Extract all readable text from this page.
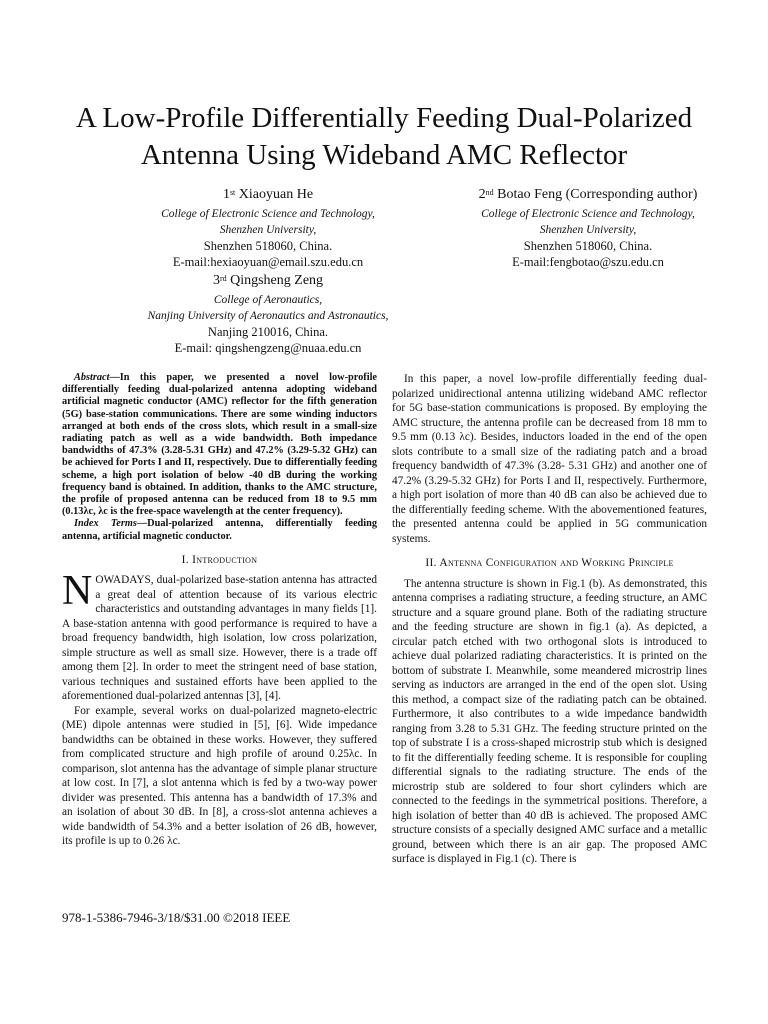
A Low-Profile Differentially Feeding Dual-Polarized
Antenna Using Wideband AMC Reflector
1st Xiaoyuan He
College of Electronic Science and Technology,
Shenzhen University,
Shenzhen 518060, China.
E-mail:hexiaoyuan@email.szu.edu.cn
2nd Botao Feng (Corresponding author)
College of Electronic Science and Technology,
Shenzhen University,
Shenzhen 518060, China.
E-mail:fengbotao@szu.edu.cn
3rd Qingsheng Zeng
College of Aeronautics,
Nanjing University of Aeronautics and Astronautics,
Nanjing 210016, China.
E-mail: qingshengzeng@nuaa.edu.cn

Abstract—In this paper, we presented a novel low-profile differentially feeding dual-polarized antenna adopting wideband artificial magnetic conductor (AMC) reflector for the fifth generation (5G) base-station communications. There are some winding inductors arranged at both ends of the cross slots, which result in a small-size radiating patch as well as a wide bandwidth. Both impedance bandwidths of 47.3% (3.28-5.31 GHz) and 47.2% (3.29-5.32 GHz) can be achieved for Ports I and II, respectively. Due to differentially feeding scheme, a high port isolation of below -40 dB during the working frequency band is obtained. In addition, thanks to the AMC structure, the profile of proposed antenna can be reduced from 18 to 9.5 mm (0.13λc, λc is the free-space wavelength at the center frequency).

Index Terms—Dual-polarized antenna, differentially feeding antenna, artificial magnetic conductor.

I. Introduction

NOWADAYS, dual-polarized base-station antenna has attracted a great deal of attention because of its various electric characteristics and outstanding advantages in many fields [1]. A base-station antenna with good performance is required to have a broad frequency bandwidth, high isolation, low cross polarization, simple structure as well as small size. However, there is a trade off among them [2]. In order to meet the stringent need of base station, various techniques and sustained efforts have been applied to the aforementioned dual-polarized antennas [3], [4].

For example, several works on dual-polarized magneto-electric (ME) dipole antennas were studied in [5], [6]. Wide impedance bandwidths can be obtained in these works. However, they suffered from complicated structure and high profile of around 0.25λc. In comparison, slot antenna has the advantage of simple planar structure at low cost. In [7], a slot antenna which is fed by a two-way power divider was presented. This antenna has a bandwidth of 17.3% and an isolation of about 30 dB. In [8], a cross-slot antenna achieves a wide bandwidth of 54.3% and a better isolation of 26 dB, however, its profile is up to 0.26 λc.

In this paper, a novel low-profile differentially feeding dual-polarized unidirectional antenna utilizing wideband AMC reflector for 5G base-station communications is proposed. By employing the AMC structure, the antenna profile can be decreased from 18 mm to 9.5 mm (0.13 λc). Besides, inductors loaded in the end of the open slots contribute to a small size of the radiating patch and a broad frequency bandwidth of 47.3% (3.28- 5.31 GHz) and another one of 47.2% (3.29-5.32 GHz) for Ports I and II, respectively. Furthermore, a high port isolation of more than 40 dB can also be achieved due to the differentially feeding scheme. With the abovementioned features, the presented antenna could be applied in 5G communication systems.

II. Antenna Configuration and Working Principle

The antenna structure is shown in Fig.1 (b). As demonstrated, this antenna comprises a radiating structure, a feeding structure, an AMC structure and a square ground plane. Both of the radiating structure and the feeding structure are shown in fig.1 (a). As depicted, a circular patch etched with two orthogonal slots is introduced to achieve dual polarized radiating characteristics. It is printed on the bottom of substrate I. Meanwhile, some meandered microstrip lines serving as inductors are arranged in the end of the open slot. Using this method, a compact size of the radiating patch can be obtained. Furthermore, it also contributes to a wide impedance bandwidth ranging from 3.28 to 5.31 GHz. The feeding structure printed on the top of substrate I is a cross-shaped microstrip stub which is designed to fit the differentially feeding scheme. It is responsible for coupling differential signals to the radiating structure. The ends of the microstrip stub are soldered to four short cylinders which are connected to the feedings in the symmetrical positions. Therefore, a high isolation of better than 40 dB is achieved. The proposed AMC structure consists of a specially designed AMC surface and a metallic ground, between which there is an air gap. The proposed AMC surface is displayed in Fig.1 (c). There is

978-1-5386-7946-3/18/$31.00 ©2018 IEEE
